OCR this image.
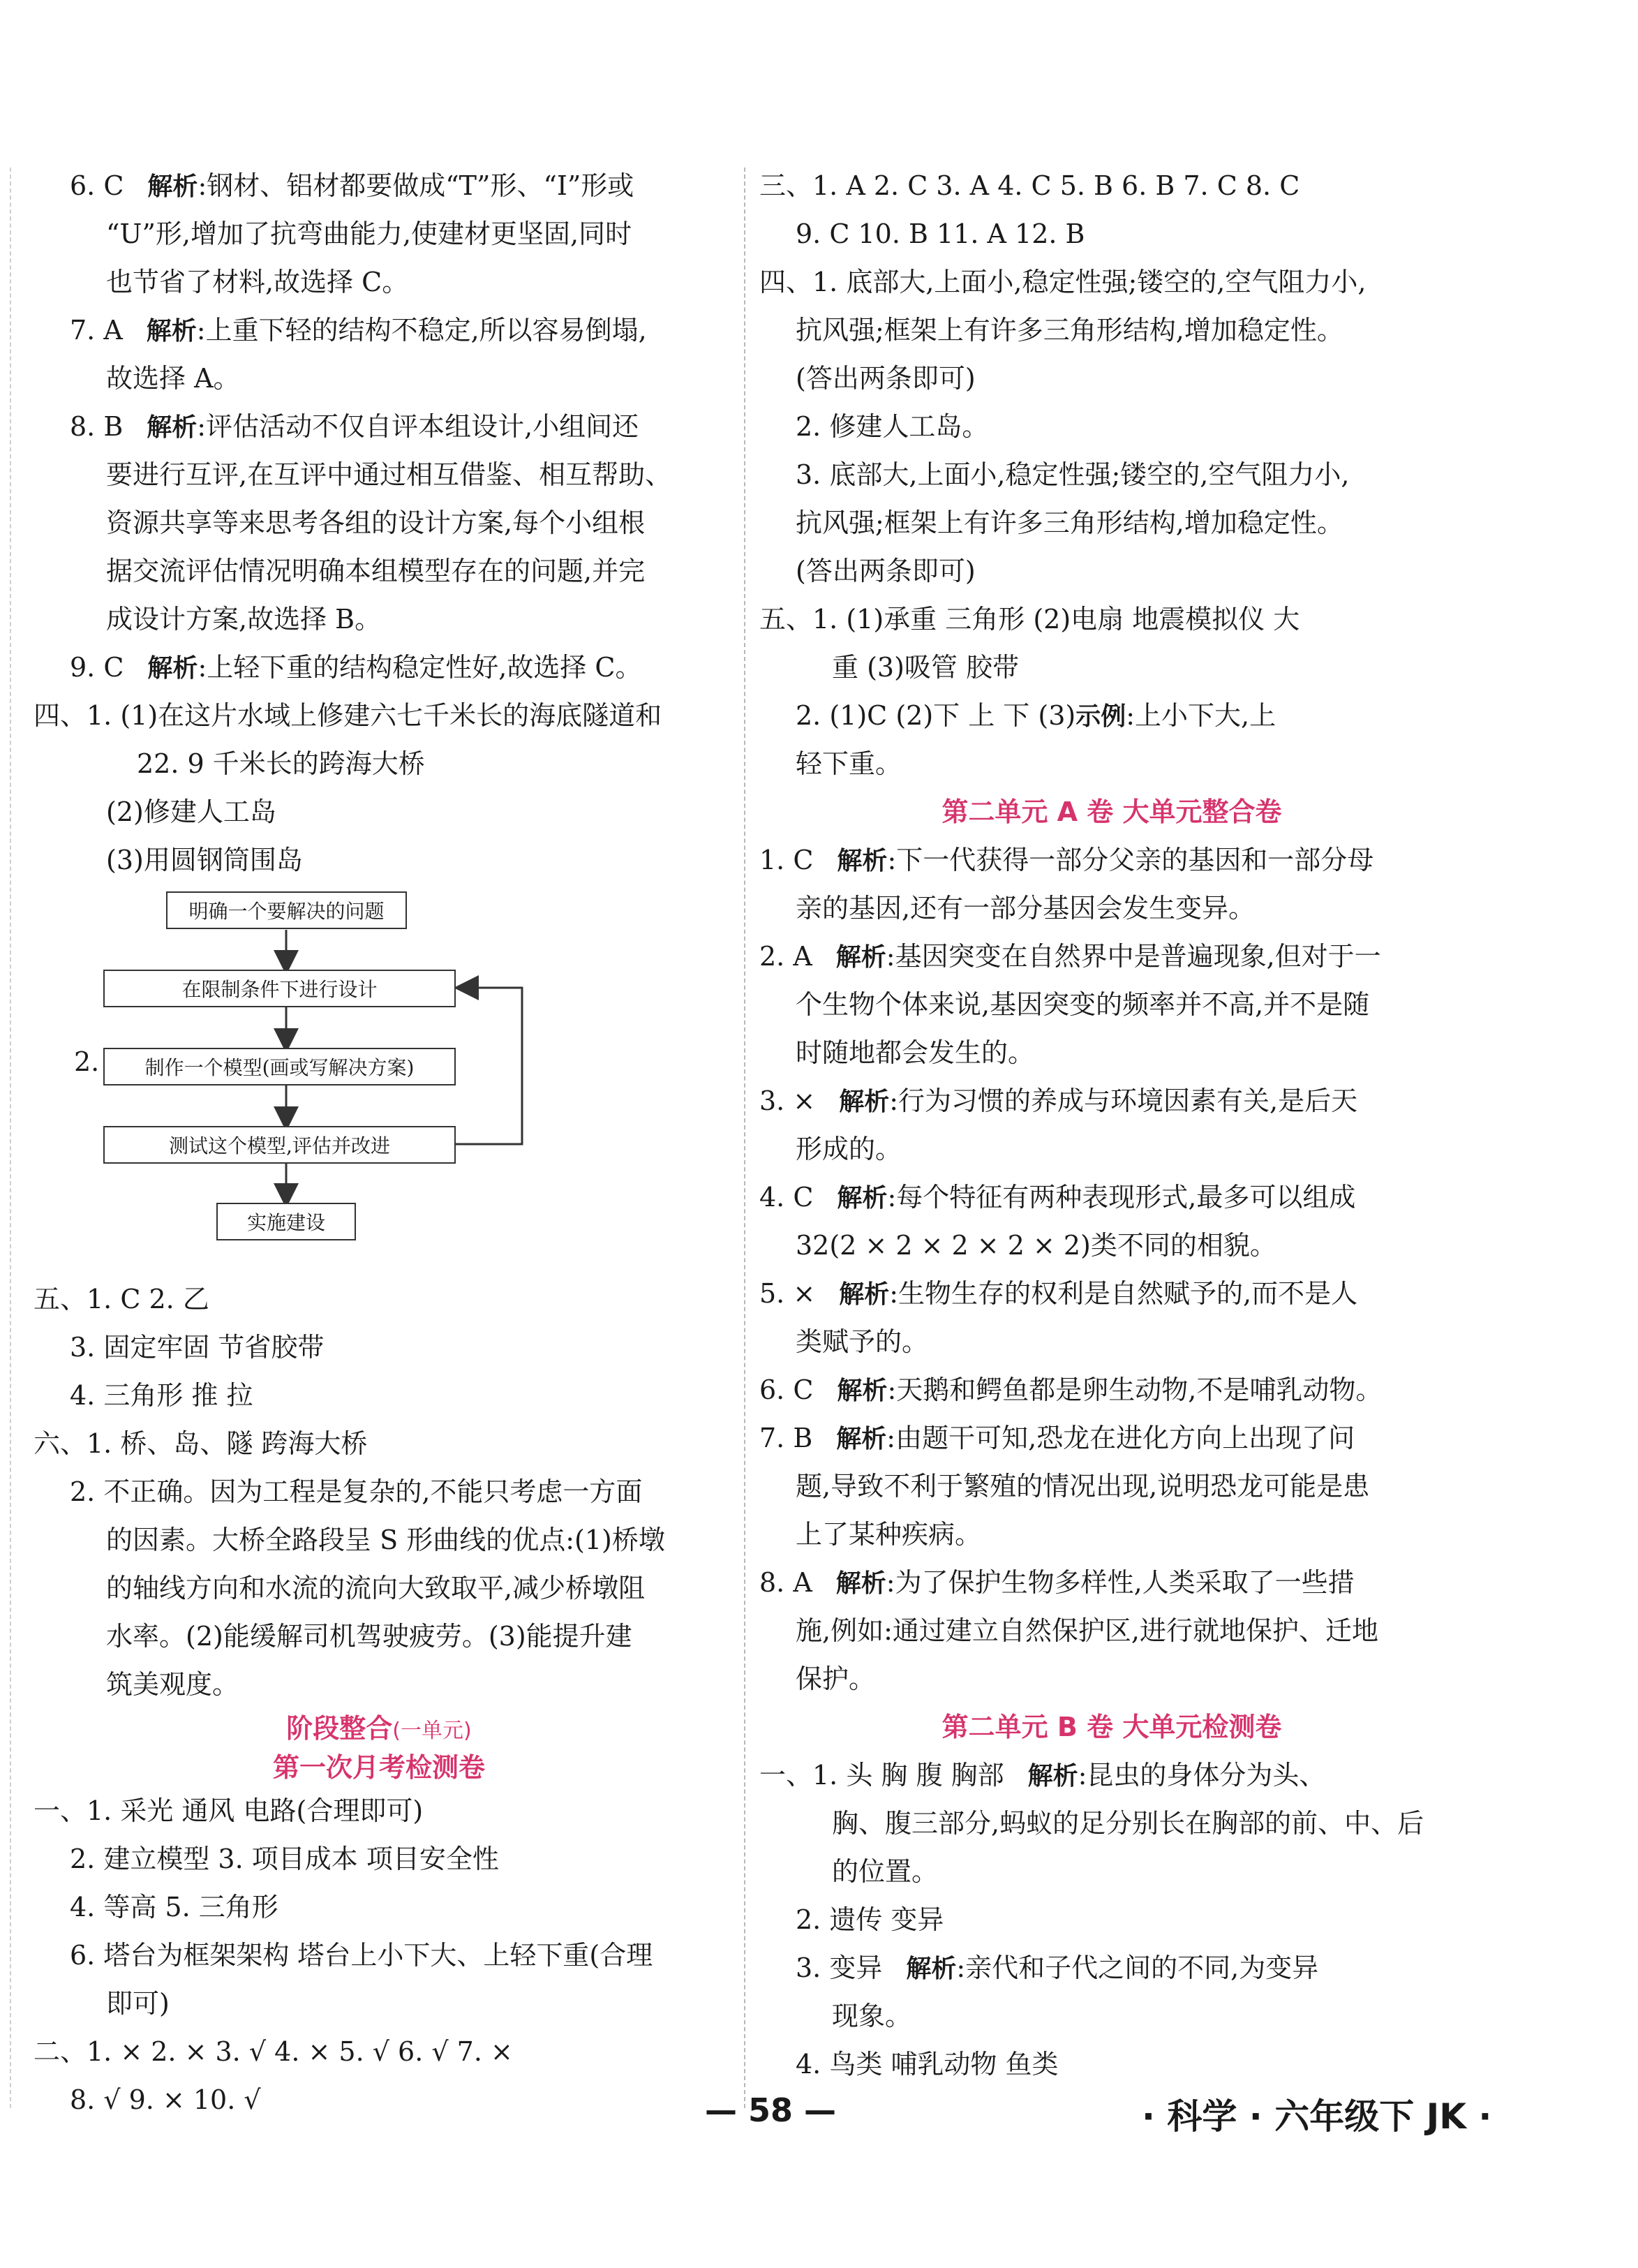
6. C 解析:钢材、铝材都要做成“T”形、“I”形或
“U”形,增加了抗弯曲能力,使建材更坚固,同时
也节省了材料,故选择 C。
7. A 解析:上重下轻的结构不稳定,所以容易倒塌,
故选择 A。
8. B 解析:评估活动不仅自评本组设计,小组间还
要进行互评,在互评中通过相互借鉴、相互帮助、
资源共享等来思考各组的设计方案,每个小组根
据交流评估情况明确本组模型存在的问题,并完
成设计方案,故选择 B。
9. C 解析:上轻下重的结构稳定性好,故选择 C。
四、1. (1)在这片水域上修建六七千米长的海底隧道和
22. 9 千米长的跨海大桥
(2)修建人工岛
(3)用圆钢筒围岛
明确一个要解决的问题
在限制条件下进行设计
2.	制作一个模型(画或写解决方案)
测试这个模型,评估并改进
实施建设
五、1. C 2. 乙
3. 固定牢固 节省胶带
4. 三角形 推 拉
六、1. 桥、岛、隧 跨海大桥
2. 不正确。因为工程是复杂的,不能只考虑一方面
的因素。大桥全路段呈 S 形曲线的优点:(1)桥墩
的轴线方向和水流的流向大致取平,减少桥墩阻
水率。(2)能缓解司机驾驶疲劳。(3)能提升建
筑美观度。
阶段整合(一单元)
第一次月考检测卷
一、1. 采光 通风 电路(合理即可)
2. 建立模型 3. 项目成本 项目安全性
4. 等高 5. 三角形
6. 塔台为框架架构 塔台上小下大、上轻下重(合理
即可)
二、1. × 2. × 3. √ 4. × 5. √ 6. √ 7. ×
8. √ 9. × 10. √
三、1. A 2. C 3. A 4. C 5. B 6. B 7. C 8. C
9. C 10. B 11. A 12. B
四、1. 底部大,上面小,稳定性强;镂空的,空气阻力小,
抗风强;框架上有许多三角形结构,增加稳定性。
(答出两条即可)
2. 修建人工岛。
3. 底部大,上面小,稳定性强;镂空的,空气阻力小,
抗风强;框架上有许多三角形结构,增加稳定性。
(答出两条即可)
五、1. (1)承重 三角形 (2)电扇 地震模拟仪 大
重 (3)吸管 胶带
2. (1)C (2)下 上 下 (3)示例:上小下大,上
轻下重。
第二单元 A 卷 大单元整合卷
1. C 解析:下一代获得一部分父亲的基因和一部分母
亲的基因,还有一部分基因会发生变异。
2. A 解析:基因突变在自然界中是普遍现象,但对于一
个生物个体来说,基因突变的频率并不高,并不是随
时随地都会发生的。
3. × 解析:行为习惯的养成与环境因素有关,是后天
形成的。
4. C 解析:每个特征有两种表现形式,最多可以组成
32(2 × 2 × 2 × 2 × 2)类不同的相貌。
5. × 解析:生物生存的权利是自然赋予的,而不是人
类赋予的。
6. C 解析:天鹅和鳄鱼都是卵生动物,不是哺乳动物。
7. B 解析:由题干可知,恐龙在进化方向上出现了问
题,导致不利于繁殖的情况出现,说明恐龙可能是患
上了某种疾病。
8. A 解析:为了保护生物多样性,人类采取了一些措
施,例如:通过建立自然保护区,进行就地保护、迁地
保护。
第二单元 B 卷 大单元检测卷
一、1. 头 胸 腹 胸部 解析:昆虫的身体分为头、
胸、腹三部分,蚂蚁的足分别长在胸部的前、中、后
的位置。
2. 遗传 变异
3. 变异 解析:亲代和子代之间的不同,为变异
现象。
4. 鸟类 哺乳动物 鱼类
— 58 —	· 科学 · 六年级下 JK ·
